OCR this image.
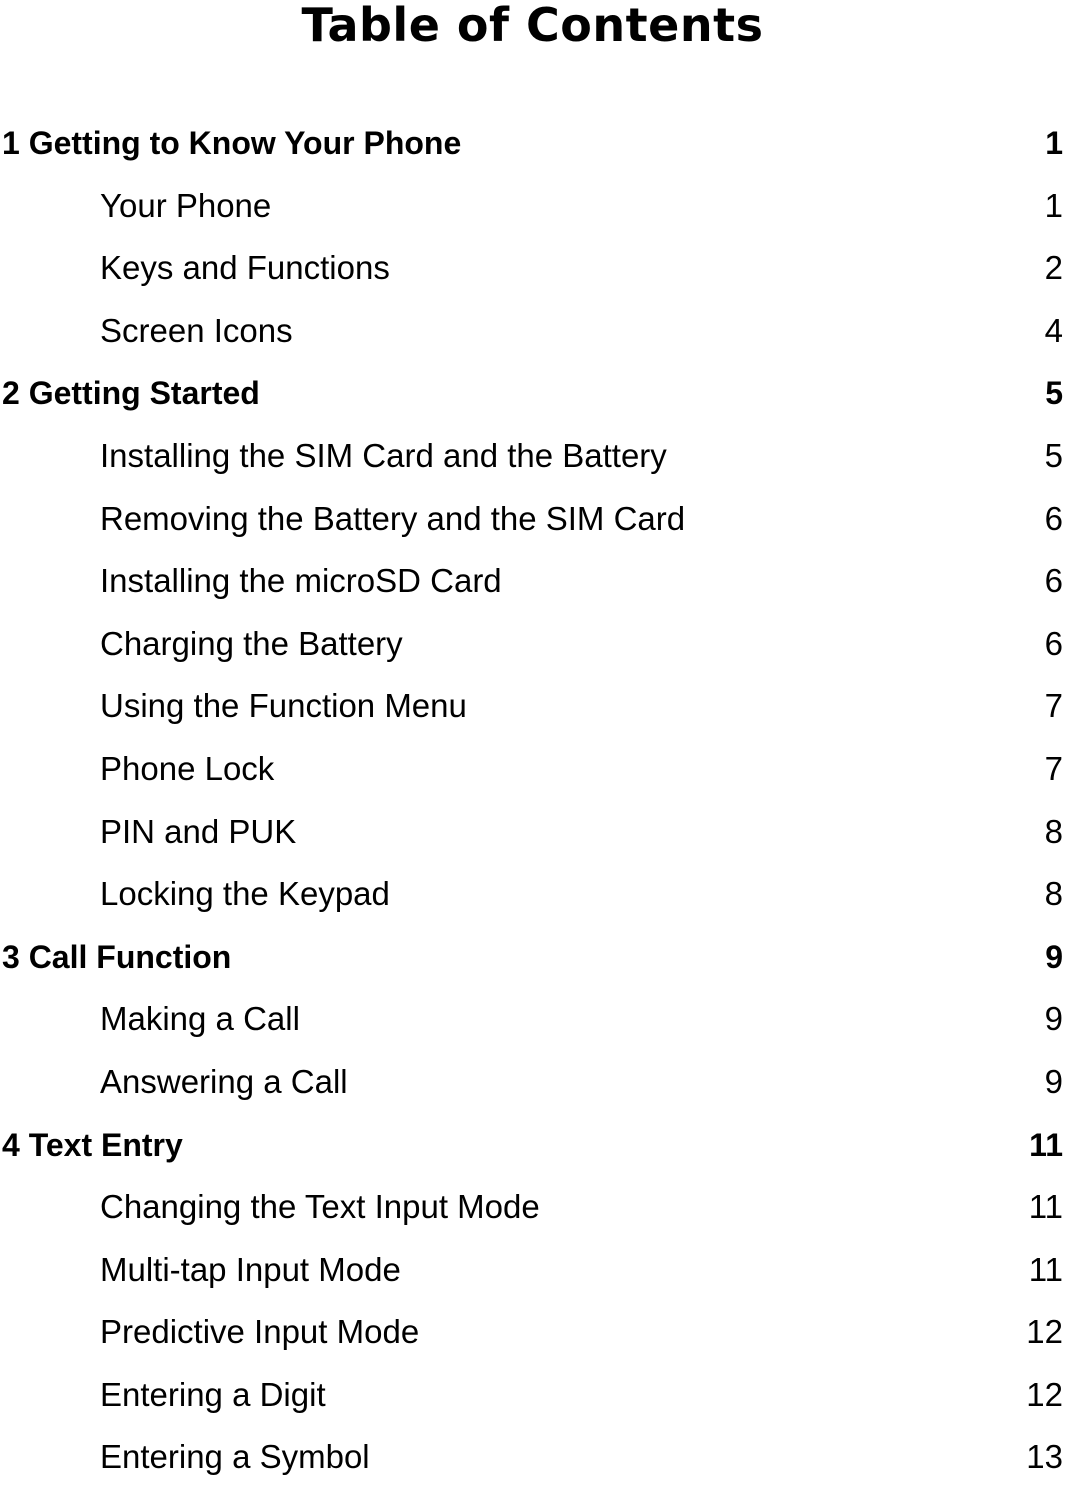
Table of Contents
1 Getting to Know Your Phone .....	1
Your Phone .....	1
Keys and Functions .....	2
Screen Icons .....	4
2 Getting Started .....	5
Installing the SIM Card and the Battery .....	5
Removing the Battery and the SIM Card .....	6
Installing the microSD Card .....	6
Charging the Battery .....	6
Using the Function Menu .....	7
Phone Lock .....	7
PIN and PUK .....	8
Locking the Keypad .....	8
3 Call Function .....	9
Making a Call .....	9
Answering a Call .....	9
4 Text Entry .....	11
Changing the Text Input Mode .....	11
Multi-tap Input Mode .....	11
Predictive Input Mode .....	12
Entering a Digit .....	12
Entering a Symbol .....	13
